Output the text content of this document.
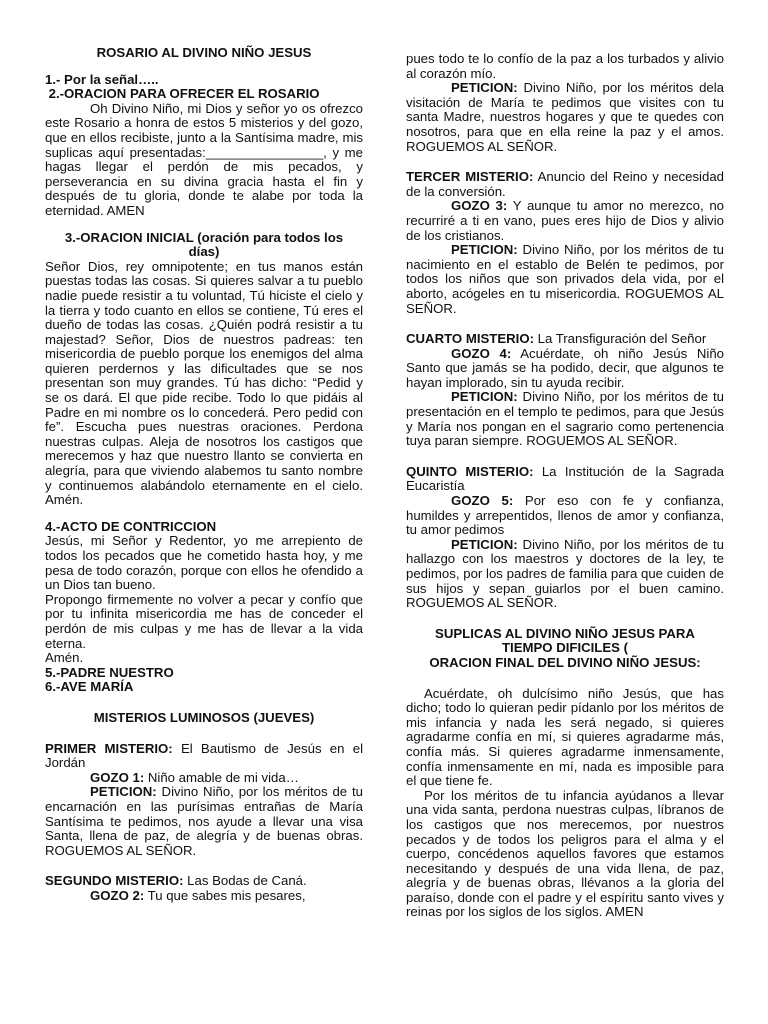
ROSARIO AL DIVINO NIÑO JESUS

1.- Por la señal…..

2.-ORACION PARA OFRECER EL ROSARIO

Oh Divino Niño, mi Dios y señor yo os ofrezco este Rosario a honra de estos 5 misterios y del gozo, que en ellos recibiste, junto a la Santísima madre, mis suplicas aquí presentadas:________________, y me hagas llegar el perdón de mis pecados, y perseverancia en su divina gracia hasta el fin y después de tu gloria, donde te alabe por toda la eternidad. AMEN

3.-ORACION INICIAL (oración para todos los días)

Señor Dios, rey omnipotente; en tus manos están puestas todas las cosas. Si quieres salvar a tu pueblo nadie puede resistir a tu voluntad, Tú hiciste el cielo y la tierra y todo cuanto en ellos se contiene, Tú eres el dueño de todas las cosas. ¿Quién podrá resistir a tu majestad? Señor, Dios de nuestros padreas: ten misericordia de pueblo porque los enemigos del alma quieren perdernos y las dificultades que se nos presentan son muy grandes. Tú has dicho: “Pedid y se os dará. El que pide recibe. Todo lo que pidáis al Padre en mi nombre os lo concederá. Pero pedid con fe”. Escucha pues nuestras oraciones. Perdona nuestras culpas. Aleja de nosotros los castigos que merecemos y haz que nuestro llanto se convierta en alegría, para que viviendo alabemos tu santo nombre y continuemos alabándolo eternamente en el cielo. Amén.

4.-ACTO DE CONTRICCION

Jesús, mi Señor y Redentor, yo me arrepiento de todos los pecados que he cometido hasta hoy, y me pesa de todo corazón, porque con ellos he ofendido a un Dios tan bueno.

Propongo firmemente no volver a pecar y confío que por tu infinita misericordia me has de conceder el perdón de mis culpas y me has de llevar a la vida eterna.

Amén.

5.-PADRE NUESTRO

6.-AVE MARÍA

MISTERIOS LUMINOSOS (JUEVES)

PRIMER MISTERIO: El Bautismo de Jesús en el Jordán

GOZO 1: Niño amable de mi vida…

PETICION: Divino Niño, por los méritos de tu encarnación en las purísimas entrañas de María Santísima te pedimos, nos ayude a llevar una visa Santa, llena de paz, de alegría y de buenas obras. ROGUEMOS AL SEÑOR.

SEGUNDO MISTERIO: Las Bodas de Caná.

GOZO 2: Tu que sabes mis pesares,

pues todo te lo confío de la paz a los turbados y alivio al corazón mío.

PETICION: Divino Niño, por los méritos dela visitación de María te pedimos que visites con tu santa Madre, nuestros hogares y que te quedes con nosotros, para que en ella reine la paz y el amos. ROGUEMOS AL SEÑOR.

TERCER MISTERIO: Anuncio del Reino y necesidad de la conversión.

GOZO 3: Y aunque tu amor no merezco, no recurriré a ti en vano, pues eres hijo de Dios y alivio de los cristianos.

PETICION: Divino Niño, por los méritos de tu nacimiento en el establo de Belén te pedimos, por todos los niños que son privados dela vida, por el aborto, acógeles en tu misericordia. ROGUEMOS AL SEÑOR.

CUARTO MISTERIO: La Transfiguración del Señor

GOZO 4: Acuérdate, oh niño Jesús Niño Santo que jamás se ha podido, decir, que algunos te hayan implorado, sin tu ayuda recibir.

PETICION: Divino Niño, por los méritos de tu presentación en el templo te pedimos, para que Jesús y María nos pongan en el sagrario como pertenencia tuya paran siempre. ROGUEMOS AL SEÑOR.

QUINTO MISTERIO: La Institución de la Sagrada Eucaristía

GOZO 5: Por eso con fe y confianza, humildes y arrepentidos, llenos de amor y confianza, tu amor pedimos

PETICION: Divino Niño, por los méritos de tu hallazgo con los maestros y doctores de la ley, te pedimos, por los padres de familia para que cuiden de sus hijos y sepan guiarlos por el buen camino. ROGUEMOS AL SEÑOR.

SUPLICAS AL DIVINO NIÑO JESUS PARA TIEMPO DIFICILES (

ORACION FINAL DEL DIVINO NIÑO JESUS:

Acuérdate, oh dulcísimo niño Jesús, que has dicho; todo lo quieran pedir pídanlo por los méritos de mis infancia y nada les será negado, si quieres agradarme confía en mí, si quieres agradarme más, confía más. Si quieres agradarme inmensamente, confía inmensamente en mí, nada es imposible para el que tiene fe.

Por los méritos de tu infancia ayúdanos a llevar una vida santa, perdona nuestras culpas, líbranos de los castigos que nos merecemos, por nuestros pecados y de todos los peligros para el alma y el cuerpo, concédenos aquellos favores que estamos necesitando y después de una vida llena, de paz, alegría y de buenas obras, llévanos a la gloria del paraíso, donde con el padre y el espíritu santo vives y reinas por los siglos de los siglos. AMEN
